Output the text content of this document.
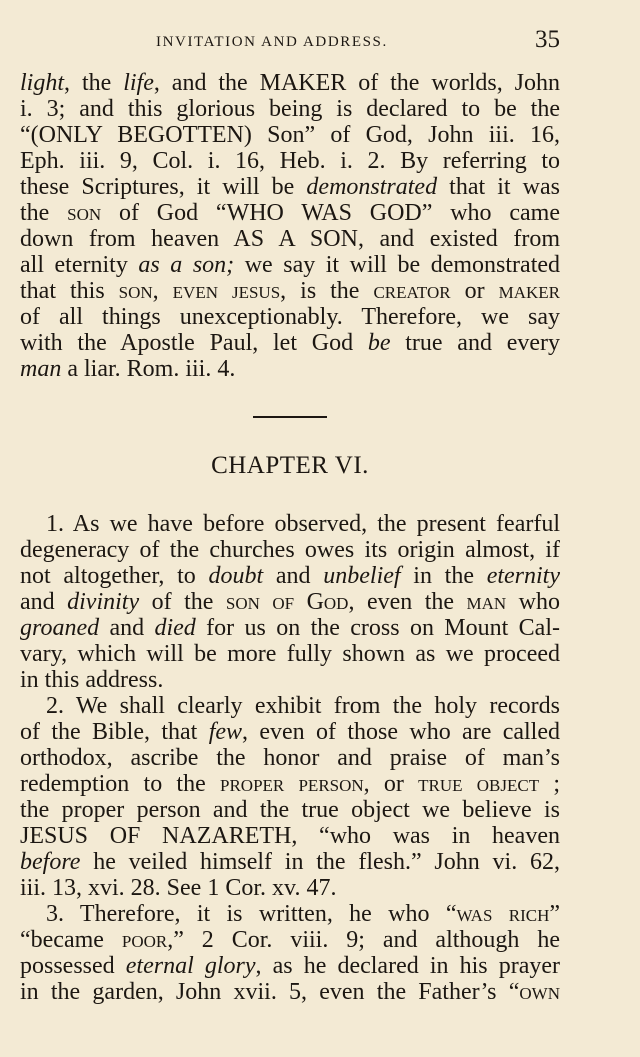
INVITATION AND ADDRESS.	35
light, the life, and the MAKER of the worlds, John
i. 3; and this glorious being is declared to be the
“(ONLY BEGOTTEN) Son” of God, John iii. 16,
Eph. iii. 9, Col. i. 16, Heb. i. 2. By referring to
these Scriptures, it will be demonstrated that it was
the son of God “WHO WAS GOD” who came
down from heaven AS A SON, and existed from
all eternity as a son; we say it will be demonstrated
that this son, even jesus, is the creator or maker
of all things unexceptionably. Therefore, we say
with the Apostle Paul, let God be true and every
man a liar. Rom. iii. 4.
CHAPTER VI.
1. As we have before observed, the present fearful
degeneracy of the churches owes its origin almost, if
not altogether, to doubt and unbelief in the eternity
and divinity of the son of God, even the man who
groaned and died for us on the cross on Mount Cal-
vary, which will be more fully shown as we proceed
in this address.
2. We shall clearly exhibit from the holy records
of the Bible, that few, even of those who are called
orthodox, ascribe the honor and praise of man’s
redemption to the proper person, or true object ;
the proper person and the true object we believe is
JESUS OF NAZARETH, “who was in heaven
before he veiled himself in the flesh.” John vi. 62,
iii. 13, xvi. 28. See 1 Cor. xv. 47.
3. Therefore, it is written, he who “was rich”
“became poor,” 2 Cor. viii. 9; and although he
possessed eternal glory, as he declared in his prayer
in the garden, John xvii. 5, even the Father’s “own
